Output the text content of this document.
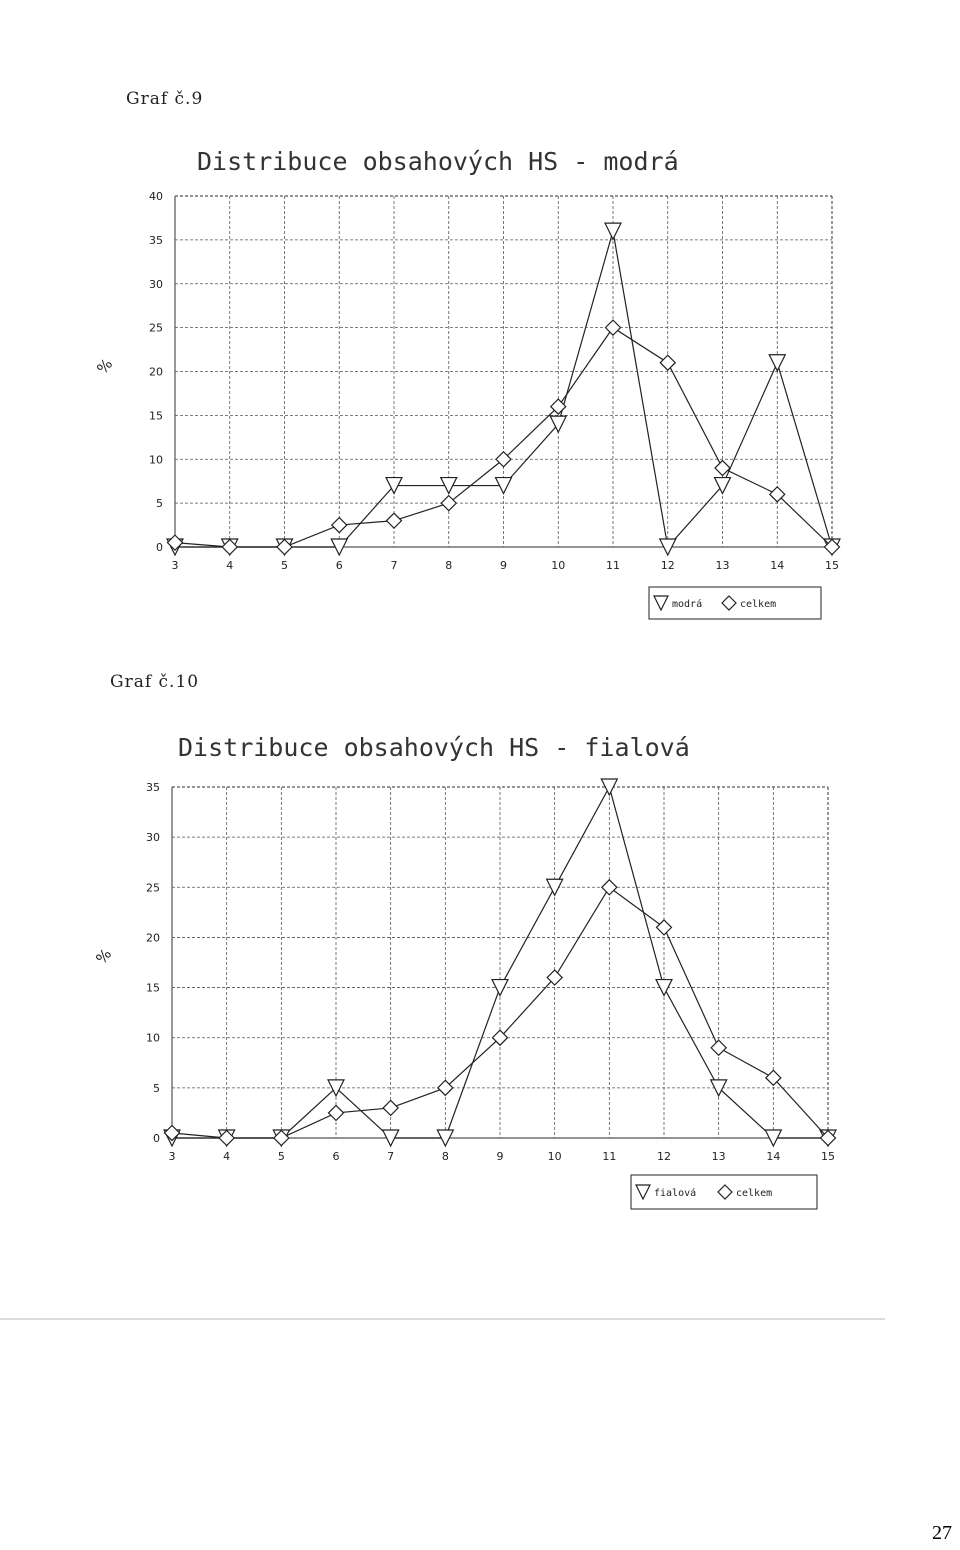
Graf č.9
Graf č.10
Distribuce obsahových HS - modrá
%
0
5
10
15
20
25
30
35
40
3	4	5	6	7	8	9	10	11	12	13	14	15
modrá	celkem
Distribuce obsahových HS - fialová
%
0
5
10
15
20
25
30
35
3	4	5	6	7	8	9	10	11	12	13	14	15
fialová	celkem
27
